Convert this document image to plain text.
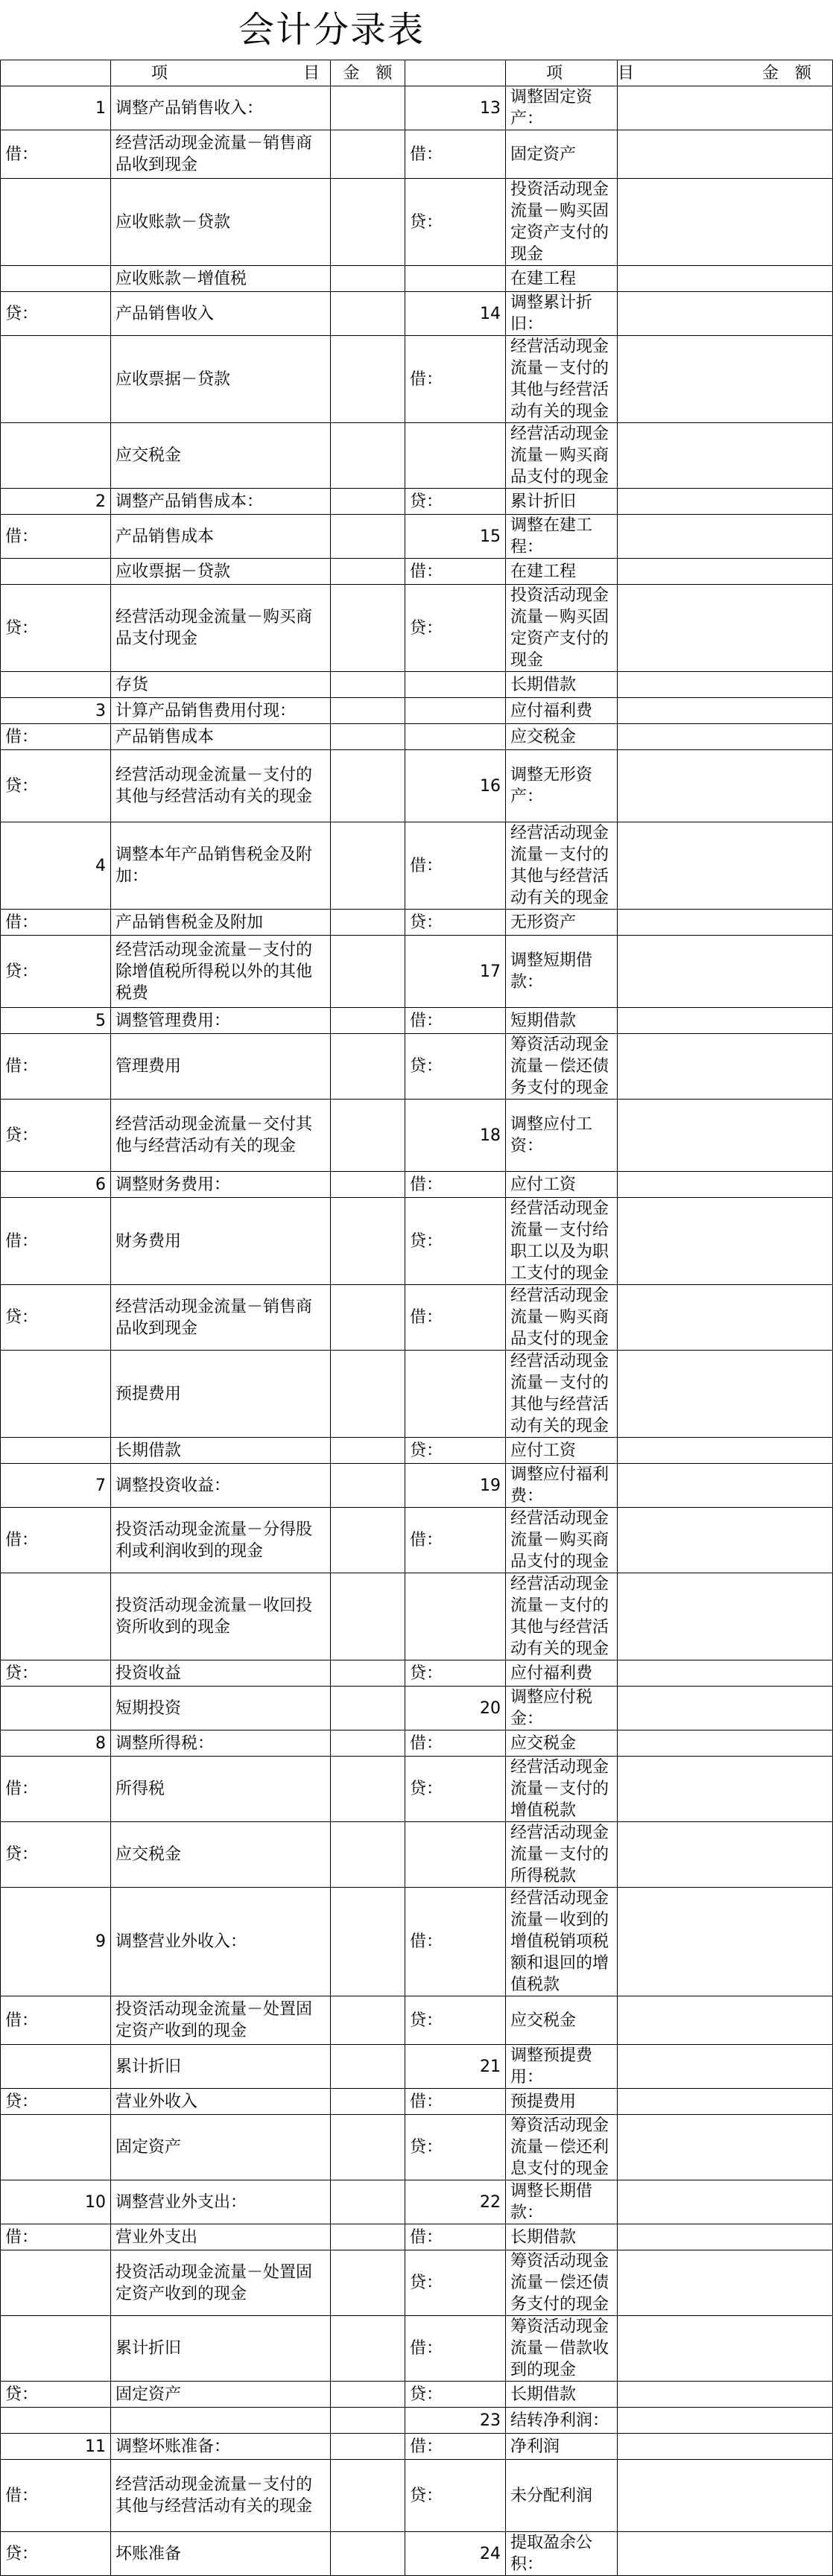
会计分录表

	项 目	金　额		项	目 金　额

1	调整产品销售收入：		13	调整固定资产：	
借：	经营活动现金流量－销售商品收到现金		借：	固定资产	
	应收账款－贷款		贷：	投资活动现金流量－购买固定资产支付的现金	
	应收账款－增值税			在建工程	
贷：	产品销售收入		14	调整累计折旧：	
	应收票据－贷款		借：	经营活动现金流量－支付的其他与经营活动有关的现金	
	应交税金			经营活动现金流量－购买商品支付的现金	
2	调整产品销售成本：		贷：	累计折旧	
借：	产品销售成本		15	调整在建工程：	
	应收票据－贷款		借：	在建工程	
贷：	经营活动现金流量－购买商品支付现金		贷：	投资活动现金流量－购买固定资产支付的现金	
	存货			长期借款	
3	计算产品销售费用付现：			应付福利费	
借：	产品销售成本			应交税金	
贷：	经营活动现金流量－支付的其他与经营活动有关的现金		16	调整无形资产：	
4	调整本年产品销售税金及附加：		借：	经营活动现金流量－支付的其他与经营活动有关的现金	
借：	产品销售税金及附加		贷：	无形资产	
贷：	经营活动现金流量－支付的除增值税所得税以外的其他税费		17	调整短期借款：	
5	调整管理费用：		借：	短期借款	
借：	管理费用		贷：	筹资活动现金流量－偿还债务支付的现金	
贷：	经营活动现金流量－交付其他与经营活动有关的现金		18	调整应付工资：	
6	调整财务费用：		借：	应付工资	
借：	财务费用		贷：	经营活动现金流量－支付给职工以及为职工支付的现金	
贷：	经营活动现金流量－销售商品收到现金		借：	经营活动现金流量－购买商品支付的现金	
	预提费用			经营活动现金流量－支付的其他与经营活动有关的现金	
	长期借款		贷：	应付工资	
7	调整投资收益：		19	调整应付福利费：	
借：	投资活动现金流量－分得股利或利润收到的现金		借：	经营活动现金流量－购买商品支付的现金	
	投资活动现金流量－收回投资所收到的现金			经营活动现金流量－支付的其他与经营活动有关的现金	
贷：	投资收益		贷：	应付福利费	
	短期投资		20	调整应付税金：	
8	调整所得税：		借：	应交税金	
借：	所得税		贷：	经营活动现金流量－支付的增值税款	
贷：	应交税金			经营活动现金流量－支付的所得税款	
9	调整营业外收入：		借：	经营活动现金流量－收到的增值税销项税额和退回的增值税款	
借：	投资活动现金流量－处置固定资产收到的现金		贷：	应交税金	
	累计折旧		21	调整预提费用：	
贷：	营业外收入		借：	预提费用	
	固定资产		贷：	筹资活动现金流量－偿还利息支付的现金	
10	调整营业外支出：		22	调整长期借款：	
借：	营业外支出		借：	长期借款	
	投资活动现金流量－处置固定资产收到的现金		贷：	筹资活动现金流量－偿还债务支付的现金	
	累计折旧		借：	筹资活动现金流量－借款收到的现金	
贷：	固定资产		贷：	长期借款	
			23	结转净利润：	
11	调整坏账准备：		借：	净利润	
借：	经营活动现金流量－支付的其他与经营活动有关的现金		贷：	未分配利润	
贷：	坏账准备		24	提取盈余公积：	
